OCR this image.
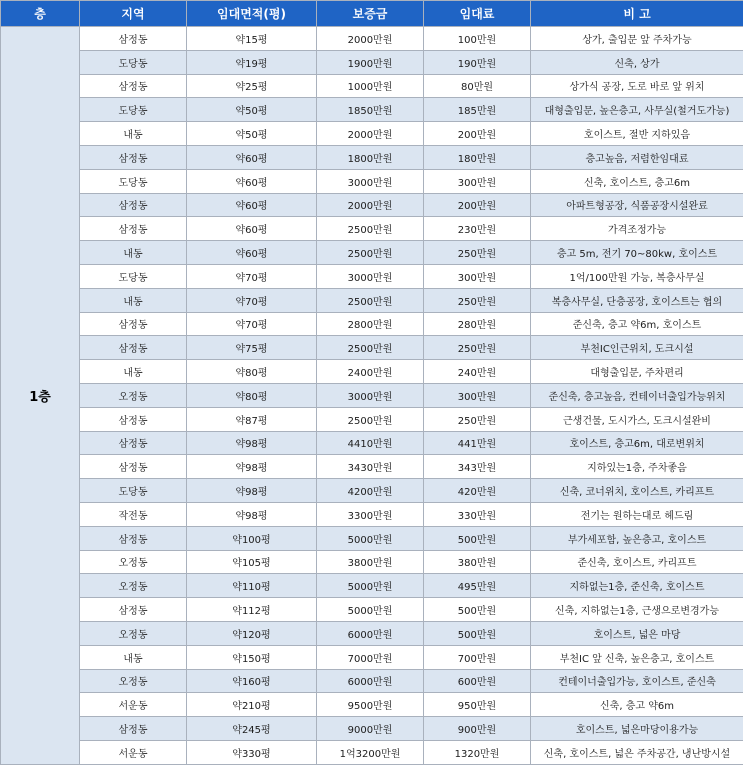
층	지역	임대면적(평)	보증금	임대료	비 고
1층	삼정동	약15평	2000만원	100만원	상가, 출입문 앞 주차가능
	도당동	약19평	1900만원	190만원	신축, 상가
	삼정동	약25평	1000만원	80만원	상가식 공장, 도로 바로 앞 위치
	도당동	약50평	1850만원	185만원	대형출입문, 높은층고, 사무실(철거도가능)
	내동	약50평	2000만원	200만원	호이스트, 절반 지하있음
	삼정동	약60평	1800만원	180만원	층고높음, 저렴한임대료
	도당동	약60평	3000만원	300만원	신축, 호이스트, 층고6m
	삼정동	약60평	2000만원	200만원	아파트형공장, 식품공장시설완료
	삼정동	약60평	2500만원	230만원	가격조정가능
	내동	약60평	2500만원	250만원	층고 5m, 전기 70~80kw, 호이스트
	도당동	약70평	3000만원	300만원	1억/100만원 가능, 복층사무실
	내동	약70평	2500만원	250만원	복층사무실, 단층공장, 호이스트는 협의
	삼정동	약70평	2800만원	280만원	준신축, 층고 약6m, 호이스트
	삼정동	약75평	2500만원	250만원	부천IC인근위치, 도크시설
	내동	약80평	2400만원	240만원	대형출입문, 주차편리
	오정동	약80평	3000만원	300만원	준신축, 층고높음, 컨테이너출입가능위치
	삼정동	약87평	2500만원	250만원	근생건물, 도시가스, 도크시설완비
	삼정동	약98평	4410만원	441만원	호이스트, 층고6m, 대로변위치
	삼정동	약98평	3430만원	343만원	지하있는1층, 주차좋음
	도당동	약98평	4200만원	420만원	신축, 코너위치, 호이스트, 카리프트
	작전동	약98평	3300만원	330만원	전기는 원하는대로 헤드림
	삼정동	약100평	5000만원	500만원	부가세포함, 높은층고, 호이스트
	오정동	약105평	3800만원	380만원	준신축, 호이스트, 카리프트
	오정동	약110평	5000만원	495만원	지하없는1층, 준신축, 호이스트
	삼정동	약112평	5000만원	500만원	신축, 지하없는1층, 근생으로변경가능
	오정동	약120평	6000만원	500만원	호이스트, 넓은 마당
	내동	약150평	7000만원	700만원	부천IC 앞 신축, 높은층고, 호이스트
	오정동	약160평	6000만원	600만원	컨테이너출입가능, 호이스트, 준신축
	서운동	약210평	9500만원	950만원	신축, 층고 약6m
	삼정동	약245평	9000만원	900만원	호이스트, 넓은마당이용가능
	서운동	약330평	1억3200만원	1320만원	신축, 호이스트, 넓은 주차공간, 냉난방시설
